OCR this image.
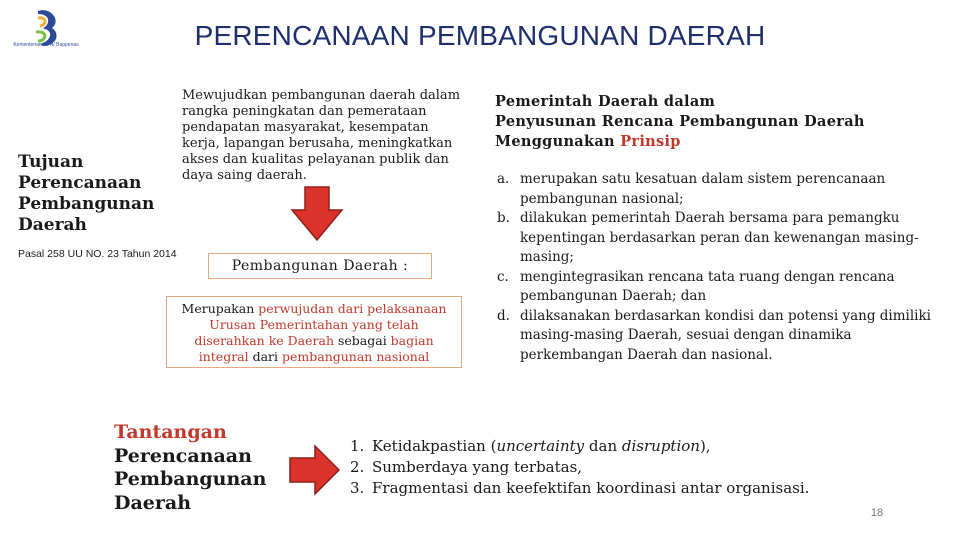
Kementerian PPN/ Bappenas	PERENCANAAN PEMBANGUNAN DAERAH
Tujuan
Perencanaan
Pembangunan
Daerah
Mewujudkan pembangunan daerah dalam rangka peningkatan dan pemerataan pendapatan masyarakat, kesempatan kerja, lapangan berusaha, meningkatkan akses dan kualitas pelayanan publik dan daya saing daerah.
Pasal 258 UU NO. 23 Tahun 2014
Pembangunan Daerah :
Merupakan perwujudan dari pelaksanaan Urusan Pemerintahan yang telah diserahkan ke Daerah sebagai bagian integral dari pembangunan nasional
Pemerintah Daerah dalam
Penyusunan Rencana Pembangunan Daerah
Menggunakan Prinsip
a. merupakan satu kesatuan dalam sistem perencanaan pembangunan nasional;
b. dilakukan pemerintah Daerah bersama para pemangku kepentingan berdasarkan peran dan kewenangan masing-masing;
c. mengintegrasikan rencana tata ruang dengan rencana pembangunan Daerah; dan
d. dilaksanakan berdasarkan kondisi dan potensi yang dimiliki masing-masing Daerah, sesuai dengan dinamika perkembangan Daerah dan nasional.
Tantangan
Perencanaan
Pembangunan
Daerah
1. Ketidakpastian (uncertainty dan disruption),
2. Sumberdaya yang terbatas,
3. Fragmentasi dan keefektifan koordinasi antar organisasi.
18
